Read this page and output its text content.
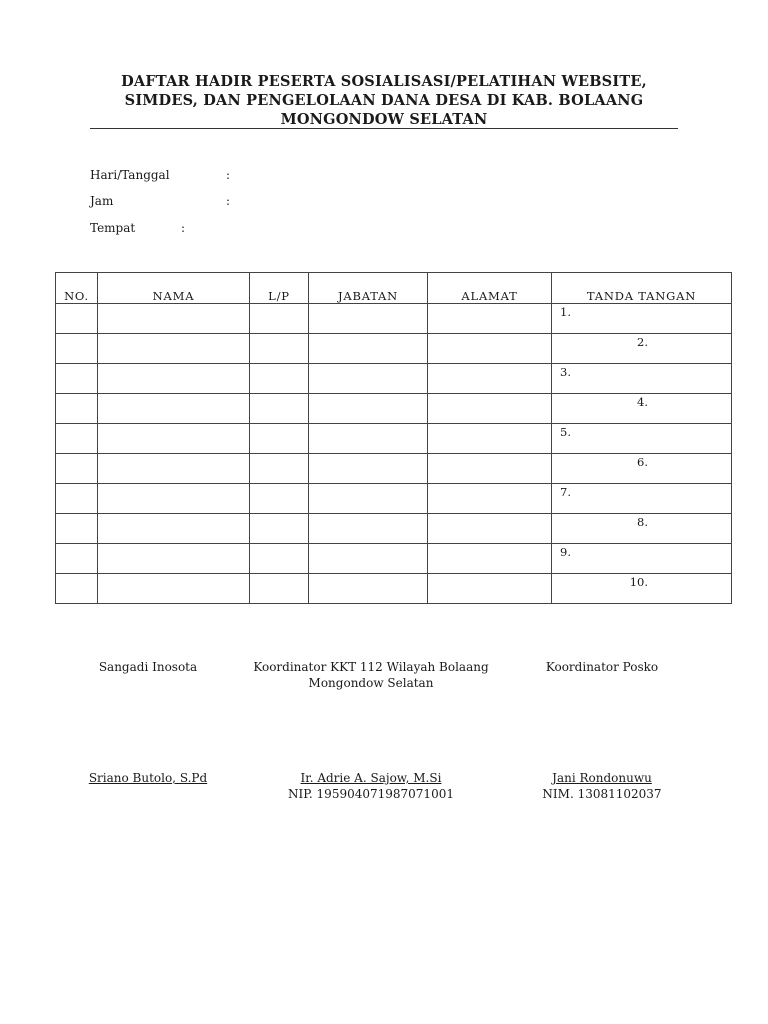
DAFTAR HADIR PESERTA SOSIALISASI/PELATIHAN WEBSITE,
SIMDES, DAN PENGELOLAAN DANA DESA DI KAB. BOLAANG
MONGONDOW SELATAN
Hari/Tanggal	:
Jam	:
Tempat	:
NO.	NAMA	L/P	JABATAN	ALAMAT	TANDA TANGAN

					1.

					2.

					3.

					4.

					5.

					6.

					7.

					8.

					9.

					10.
Sangadi Inosota
Sriano Butolo, S.Pd
Koordinator KKT 112 Wilayah Bolaang Mongondow Selatan
Ir. Adrie A. Sajow, M.Si
NIP. 195904071987071001
Koordinator Posko
Jani Rondonuwu
NIM. 13081102037
